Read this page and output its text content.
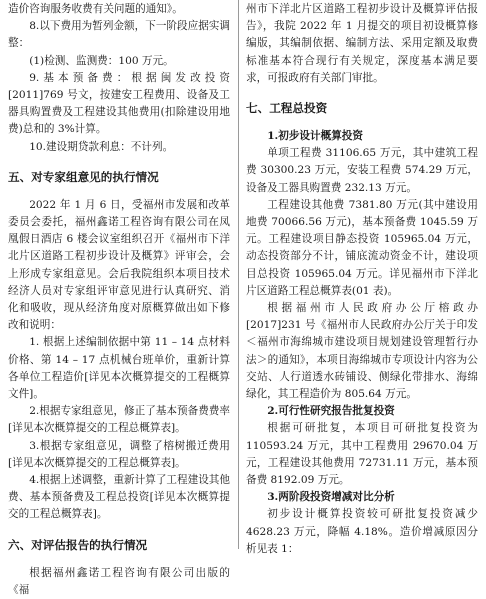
造价咨询服务收费有关问题的通知》。

8.以下费用为暂列金额，下一阶段应据实调整：

(1)检测、监测费：100 万元。

9.基本预备费：根据闽发改投资[2011]769 号文，按建安工程费用、设备及工器具购置费及工程建设其他费用(扣除建设用地费)总和的 3%计算。

10.建设期贷款利息：不计列。

五、对专家组意见的执行情况

2022 年 1 月 6 日，受福州市发展和改革委员会委托，福州鑫诺工程咨询有限公司在凤凰假日酒店 6 楼会议室组织召开《福州市下洋北片区道路工程初步设计及概算》评审会，会上形成专家组意见。会后我院组织本项目技术经济人员对专家组评审意见进行认真研究、消化和吸收，现从经济角度对原概算做出如下修改和说明：

1. 根据上述编制依据中第 11 – 14 点材料价格、第 14 – 17 点机械台班单价，重新计算各单位工程造价[详见本次概算提交的工程概算文件]。

2.根据专家组意见，修正了基本预备费费率[详见本次概算提交的工程总概算表]。

3.根据专家组意见，调整了榕树搬迁费用[详见本次概算提交的工程总概算表]。

4.根据上述调整，重新计算了工程建设其他费、基本预备费及工程总投资[详见本次概算提交的工程总概算表]。

六、对评估报告的执行情况

根据福州鑫诺工程咨询有限公司出版的《福

州市下洋北片区道路工程初步设计及概算评估报告》，我院 2022 年 1 月提交的项目初设概算修编版，其编制依据、编制方法、采用定额及取费标准基本符合现行有关规定，深度基本满足要求，可报政府有关部门审批。

七、工程总投资
1.初步设计概算投资

单项工程费 31106.65 万元，其中建筑工程费 30300.23 万元，安装工程费 574.29 万元，设备及工器具购置费 232.13 万元。

工程建设其他费 7381.80 万元(其中建设用地费 70066.56 万元)，基本预备费 1045.59 万元。工程建设项目静态投资 105965.04 万元，动态投资部分不计，铺底流动资金不计，建设项目总投资 105965.04 万元。详见福州市下洋北片区道路工程总概算表(01 表)。

根据福州市人民政府办公厅榕政办[2017]231 号《福州市人民政府办公厅关于印发＜福州市海绵城市建设项目规划建设管理暂行办法＞的通知》，本项目海绵城市专项设计内容为公交站、人行道透水砖铺设、侧绿化带排水、海绵绿化，其工程造价为 805.64 万元。

2.可行性研究报告批复投资

根据可研批复，本项目可研批复投资为 110593.24 万元，其中工程费用 29670.04 万元，工程建设其他费用 72731.11 万元，基本预备费 8192.09 万元。

3.两阶段投资增减对比分析

初步设计概算投资较可研批复投资减少 4628.23 万元，降幅 4.18%。造价增减原因分析见表 1：
